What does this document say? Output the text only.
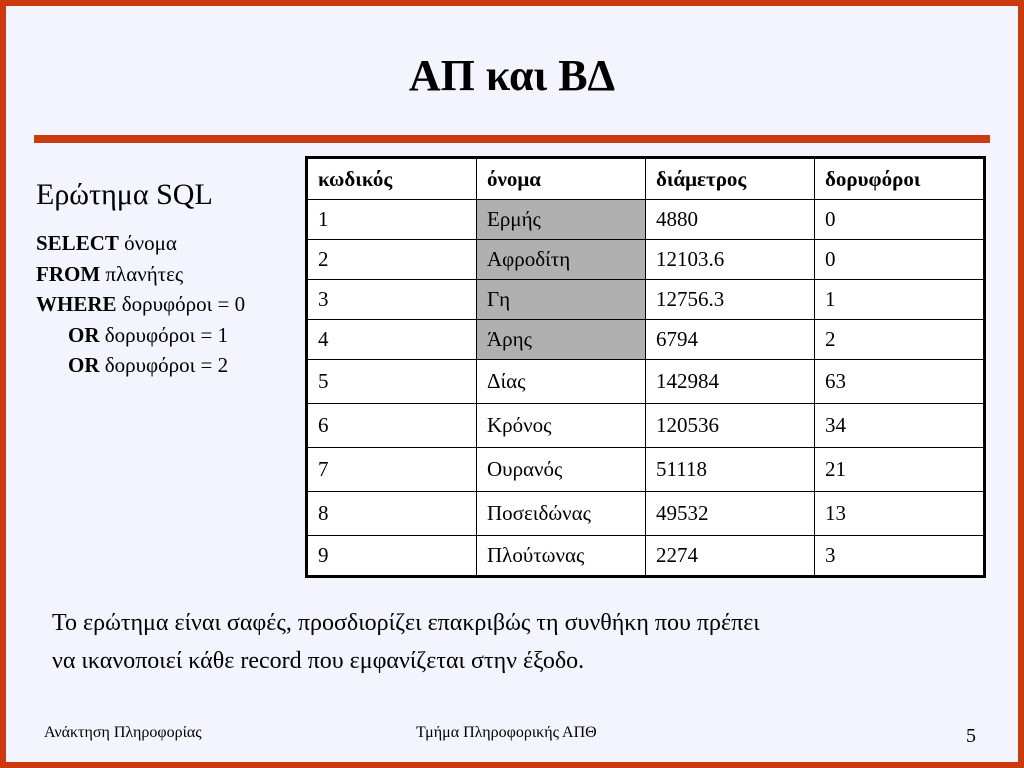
ΑΠ και ΒΔ
Ερώτημα SQL
SELECT όνομα
FROM πλανήτες
WHERE δορυφόροι = 0
OR δορυφόροι = 1
OR δορυφόροι = 2
κωδικός	όνομα	διάμετρος	δορυφόροι
1	Ερμής	4880	0
2	Αφροδίτη	12103.6	0
3	Γη	12756.3	1
4	Άρης	6794	2
5	Δίας	142984	63
6	Κρόνος	120536	34
7	Ουρανός	51118	21
8	Ποσειδώνας	49532	13
9	Πλούτωνας	2274	3
Το ερώτημα είναι σαφές, προσδιορίζει επακριβώς τη συνθήκη που πρέπει
να ικανοποιεί κάθε record που εμφανίζεται στην έξοδο.
Ανάκτηση Πληροφορίας	Τμήμα Πληροφορικής ΑΠΘ	5
